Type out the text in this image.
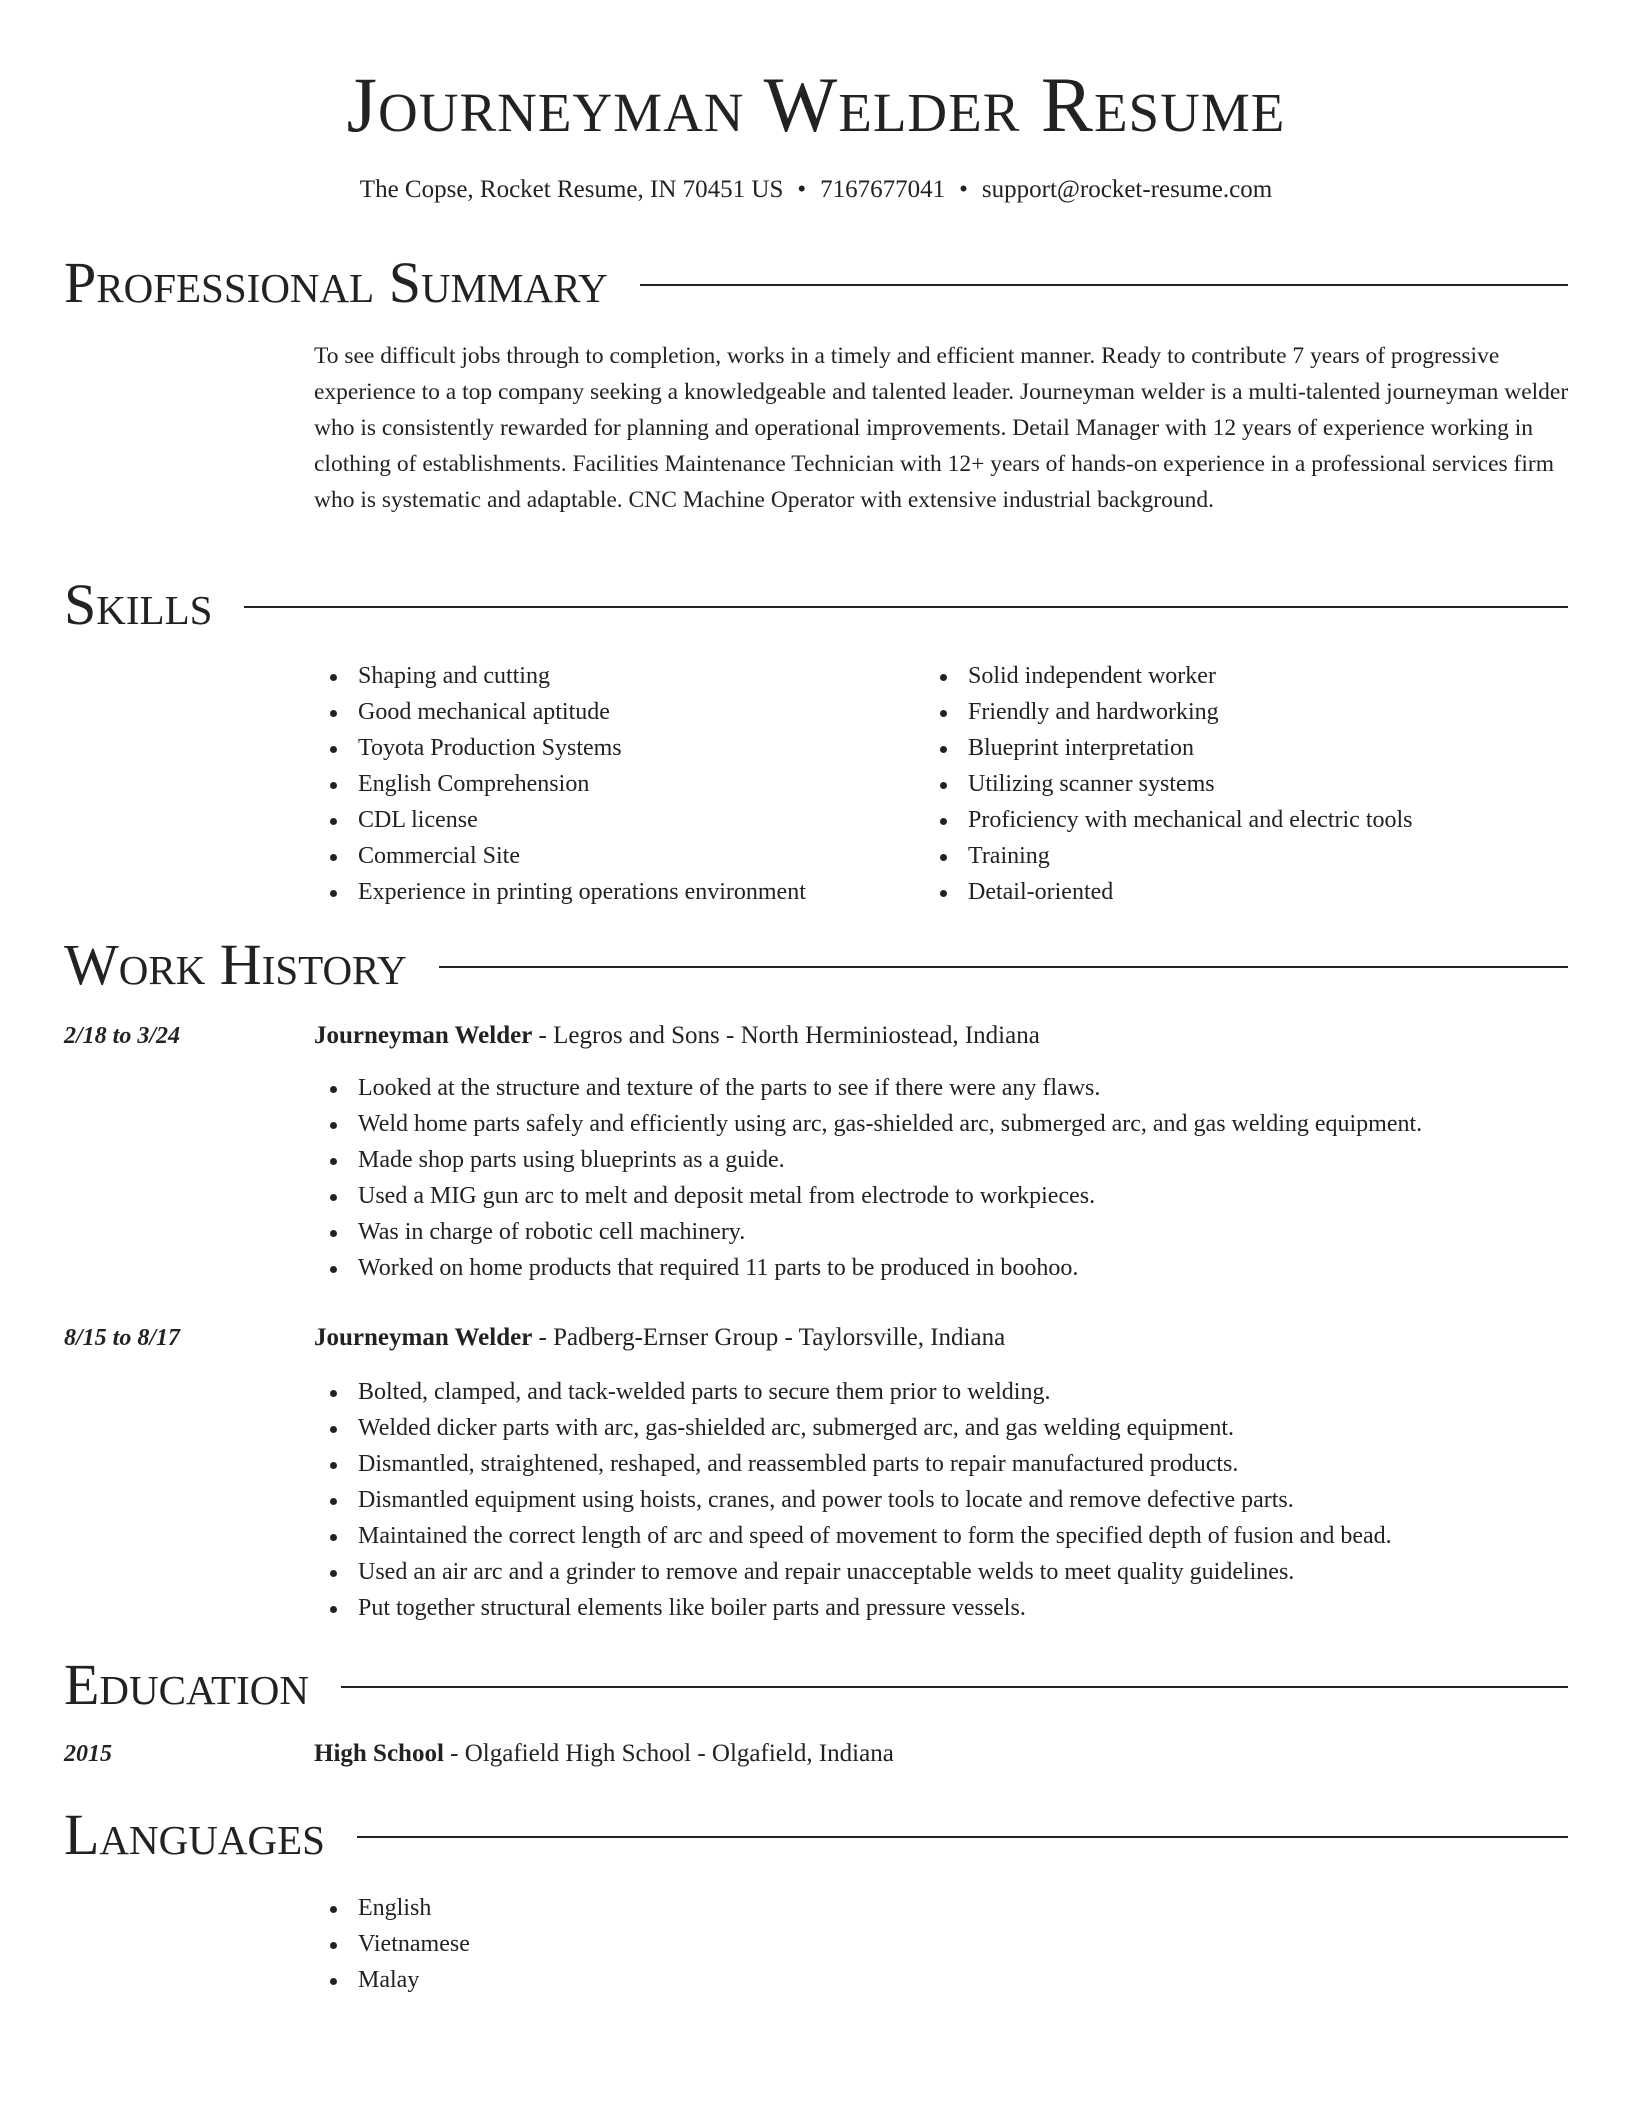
Journeyman Welder Resume
The Copse, Rocket Resume, IN 70451 US • 7167677041 • support@rocket-resume.com
Professional Summary

To see difficult jobs through to completion, works in a timely and efficient manner. Ready to contribute 7 years of progressive experience to a top company seeking a knowledgeable and talented leader. Journeyman welder is a multi-talented journeyman welder who is consistently rewarded for planning and operational improvements. Detail Manager with 12 years of experience working in clothing of establishments. Facilities Maintenance Technician with 12+ years of hands-on experience in a professional services firm who is systematic and adaptable. CNC Machine Operator with extensive industrial background.

Skills
Shaping and cutting
Good mechanical aptitude
Toyota Production Systems
English Comprehension
CDL license
Commercial Site
Experience in printing operations environment
Solid independent worker
Friendly and hardworking
Blueprint interpretation
Utilizing scanner systems
Proficiency with mechanical and electric tools
Training
Detail-oriented
Work History
2/18 to 3/24	Journeyman Welder - Legros and Sons - North Herminiostead, Indiana
Looked at the structure and texture of the parts to see if there were any flaws.
Weld home parts safely and efficiently using arc, gas-shielded arc, submerged arc, and gas welding equipment.
Made shop parts using blueprints as a guide.
Used a MIG gun arc to melt and deposit metal from electrode to workpieces.
Was in charge of robotic cell machinery.
Worked on home products that required 11 parts to be produced in boohoo.
8/15 to 8/17	Journeyman Welder - Padberg-Ernser Group - Taylorsville, Indiana
Bolted, clamped, and tack-welded parts to secure them prior to welding.
Welded dicker parts with arc, gas-shielded arc, submerged arc, and gas welding equipment.
Dismantled, straightened, reshaped, and reassembled parts to repair manufactured products.
Dismantled equipment using hoists, cranes, and power tools to locate and remove defective parts.
Maintained the correct length of arc and speed of movement to form the specified depth of fusion and bead.
Used an air arc and a grinder to remove and repair unacceptable welds to meet quality guidelines.
Put together structural elements like boiler parts and pressure vessels.
Education
2015	High School - Olgafield High School - Olgafield, Indiana
Languages
English
Vietnamese
Malay
